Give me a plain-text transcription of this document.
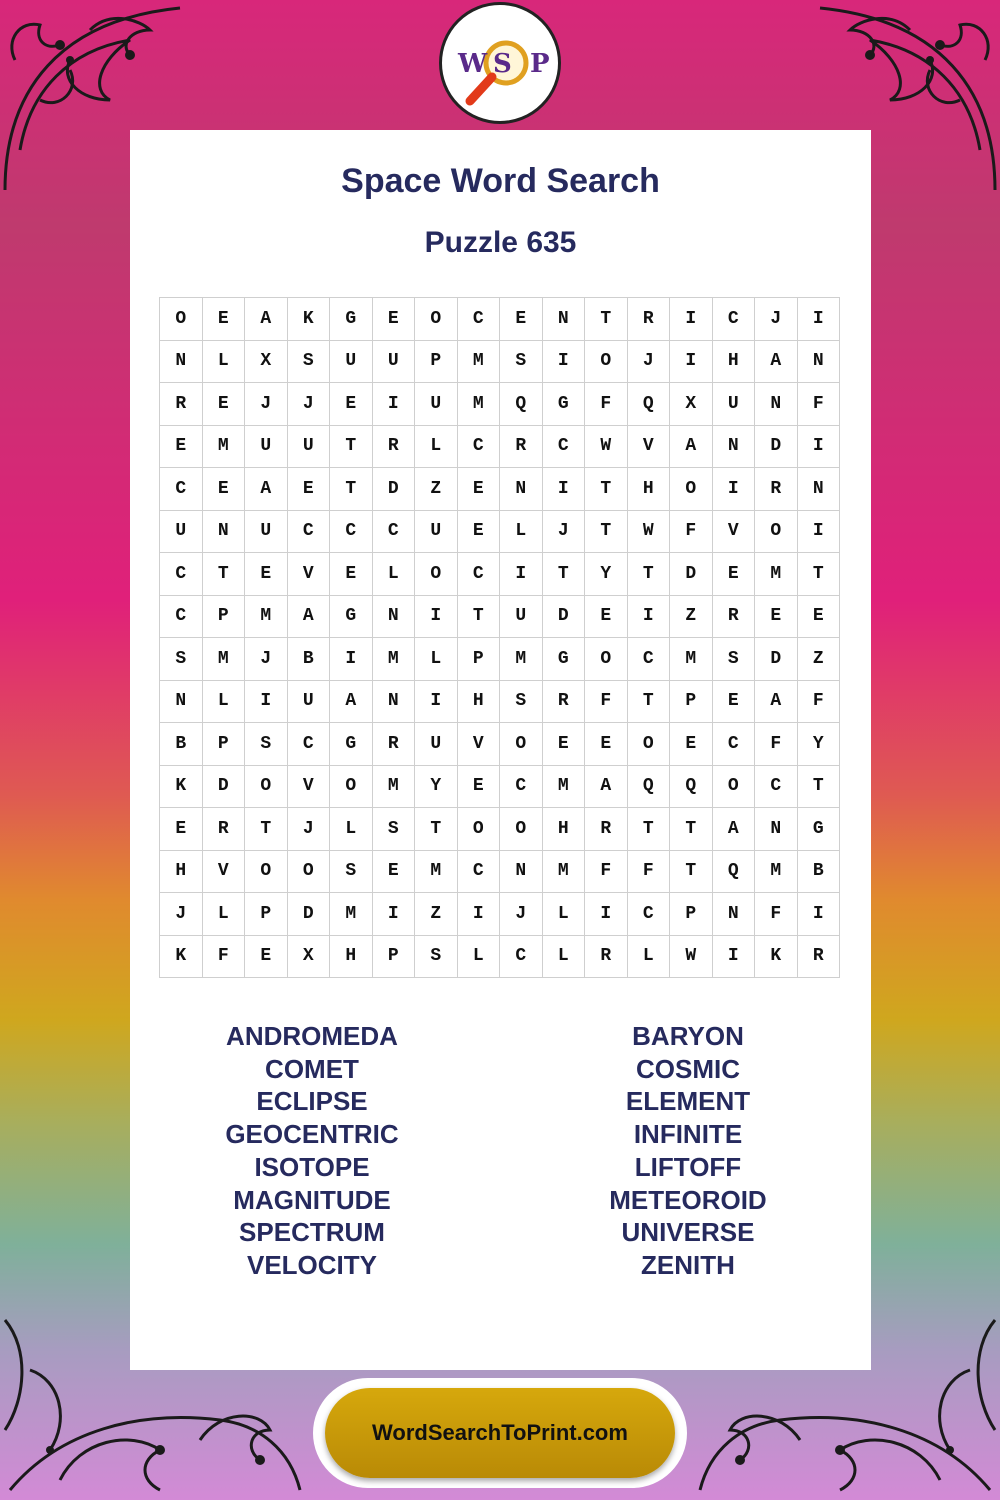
W S P
Space Word Search
Puzzle 635
O	E	A	K	G	E	O	C	E	N	T	R	I	C	J	I
N	L	X	S	U	U	P	M	S	I	O	J	I	H	A	N
R	E	J	J	E	I	U	M	Q	G	F	Q	X	U	N	F
E	M	U	U	T	R	L	C	R	C	W	V	A	N	D	I
C	E	A	E	T	D	Z	E	N	I	T	H	O	I	R	N
U	N	U	C	C	C	U	E	L	J	T	W	F	V	O	I
C	T	E	V	E	L	O	C	I	T	Y	T	D	E	M	T
C	P	M	A	G	N	I	T	U	D	E	I	Z	R	E	E
S	M	J	B	I	M	L	P	M	G	O	C	M	S	D	Z
N	L	I	U	A	N	I	H	S	R	F	T	P	E	A	F
B	P	S	C	G	R	U	V	O	E	E	O	E	C	F	Y
K	D	O	V	O	M	Y	E	C	M	A	Q	Q	O	C	T
E	R	T	J	L	S	T	O	O	H	R	T	T	A	N	G
H	V	O	O	S	E	M	C	N	M	F	F	T	Q	M	B
J	L	P	D	M	I	Z	I	J	L	I	C	P	N	F	I
K	F	E	X	H	P	S	L	C	L	R	L	W	I	K	R
ANDROMEDA
COMET
ECLIPSE
GEOCENTRIC
ISOTOPE
MAGNITUDE
SPECTRUM
VELOCITY
BARYON
COSMIC
ELEMENT
INFINITE
LIFTOFF
METEOROID
UNIVERSE
ZENITH
WordSearchToPrint.com
